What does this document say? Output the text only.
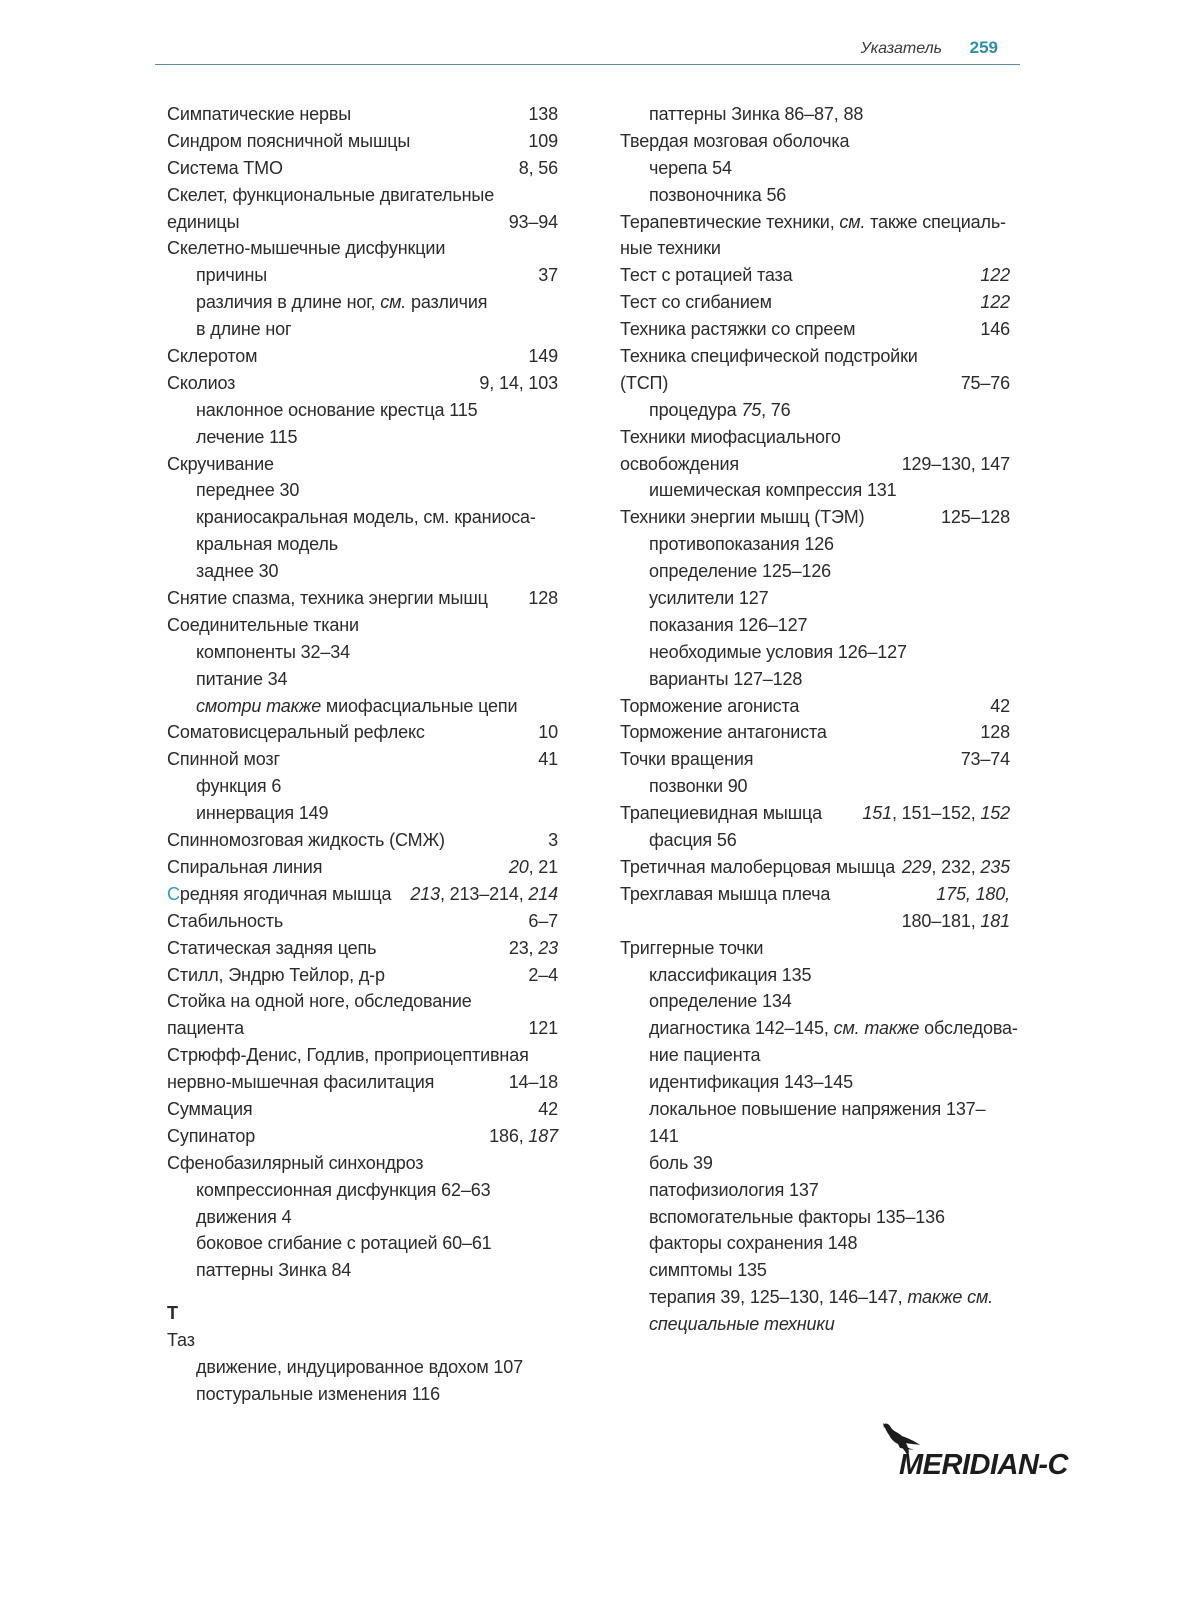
Указатель 259
Симпатические нервы	138
Синдром поясничной мышцы	109
Система ТМО	8, 56
Скелет, функциональные двигательные
единицы	93–94
Скелетно-мышечные дисфункции
причины	37
различия в длине ног, см. различия
в длине ног
Склеротом	149
Сколиоз	9, 14, 103
наклонное основание крестца 115
лечение 115
Скручивание
переднее 30
краниосакральная модель, см. краниоса-
кральная модель
заднее 30
Снятие спазма, техника энергии мышц 128
Соединительные ткани
компоненты 32–34
питание 34
смотри также миофасциальные цепи
Соматовисцеральный рефлекс	10
Спинной мозг	41
функция 6
иннервация 149
Спинномозговая жидкость (СМЖ)	3
Спиральная линия	20, 21
Средняя ягодичная мышца 213, 213–214, 214
Стабильность	6–7
Статическая задняя цепь	23, 23
Стилл, Эндрю Тейлор, д-р	2–4
Стойка на одной ноге, обследование
пациента	121
Стрюфф-Денис, Годлив, проприоцептивная
нервно-мышечная фасилитация	14–18
Суммация	42
Супинатор	186, 187
Сфенобазилярный синхондроз
компрессионная дисфункция 62–63
движения 4
боковое сгибание с ротацией 60–61
паттерны Зинка 84
Т
Таз
движение, индуцированное вдохом 107
постуральные изменения 116
паттерны Зинка 86–87, 88
Твердая мозговая оболочка
черепа 54
позвоночника 56
Терапевтические техники, см. также специаль-
ные техники
Тест с ротацией таза	122
Тест со сгибанием	122
Техника растяжки со спреем	146
Техника специфической подстройки
(ТСП)	75–76
процедура 75, 76
Техники миофасциального
освобождения	129–130, 147
ишемическая компрессия 131
Техники энергии мышц (ТЭМ)	125–128
противопоказания 126
определение 125–126
усилители 127
показания 126–127
необходимые условия 126–127
варианты 127–128
Торможение агониста	42
Торможение антагониста	128
Точки вращения	73–74
позвонки 90
Трапециевидная мышца 151, 151–152, 152
фасция 56
Третичная малоберцовая мышца 229, 232, 235
Трехглавая мышца плеча	175, 180,
180–181, 181
Триггерные точки
классификация 135
определение 134
диагностика 142–145, см. также обследова-
ние пациента
идентификация 143–145
локальное повышение напряжения 137–
141
боль 39
патофизиология 137
вспомогательные факторы 135–136
факторы сохранения 148
симптомы 135
терапия 39, 125–130, 146–147, также см.
специальные техники
MERIDIAN-C
